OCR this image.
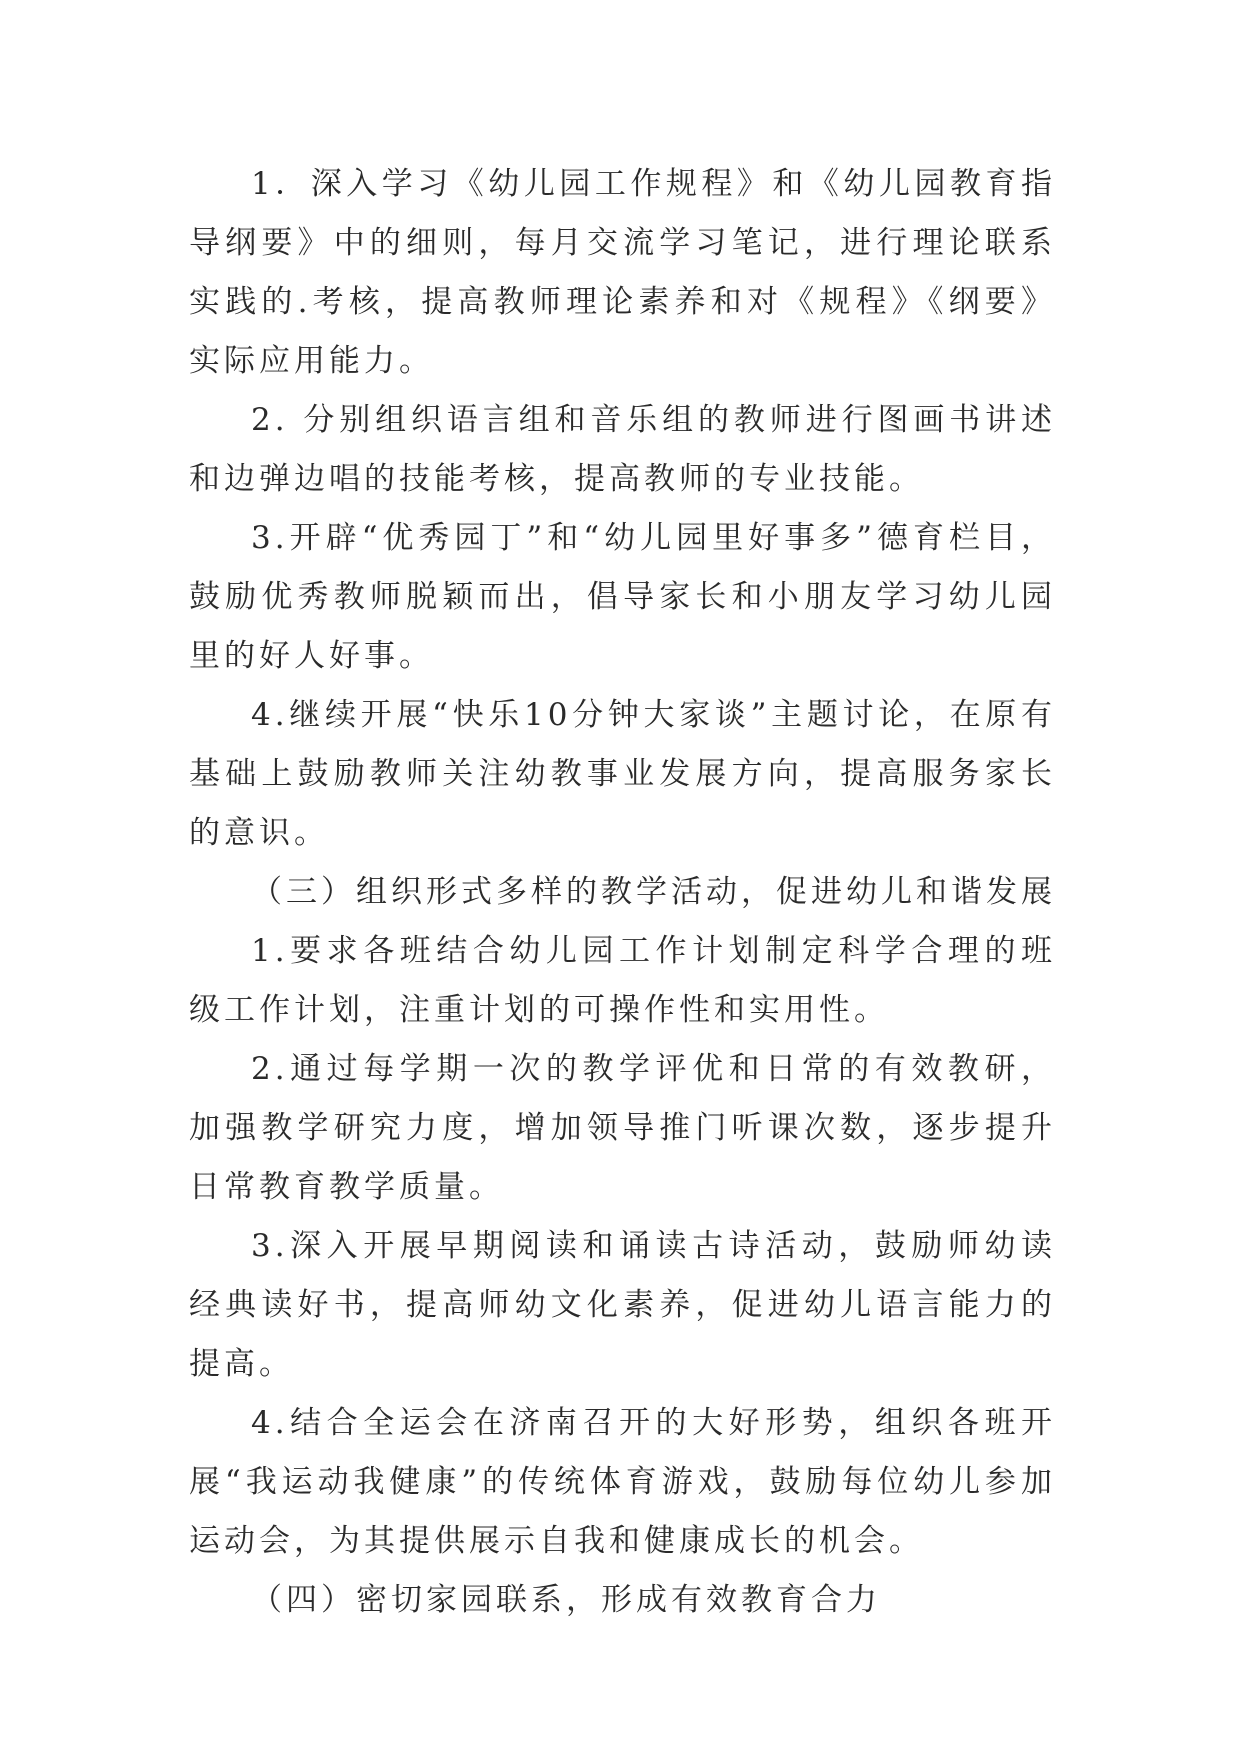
1．深入学习《幼儿园工作规程》和《幼儿园教育指导纲要》中的细则，每月交流学习笔记，进行理论联系实践的.考核，提高教师理论素养和对《规程》《纲要》实际应用能力。

2. 分别组织语言组和音乐组的教师进行图画书讲述和边弹边唱的技能考核，提高教师的专业技能。

3.开辟“优秀园丁”和“幼儿园里好事多”德育栏目，鼓励优秀教师脱颖而出，倡导家长和小朋友学习幼儿园里的好人好事。

4.继续开展“快乐10分钟大家谈”主题讨论，在原有基础上鼓励教师关注幼教事业发展方向，提高服务家长的意识。

（三）组织形式多样的教学活动，促进幼儿和谐发展

1.要求各班结合幼儿园工作计划制定科学合理的班级工作计划，注重计划的可操作性和实用性。

2.通过每学期一次的教学评优和日常的有效教研，加强教学研究力度，增加领导推门听课次数，逐步提升日常教育教学质量。

3.深入开展早期阅读和诵读古诗活动，鼓励师幼读经典读好书，提高师幼文化素养，促进幼儿语言能力的提高。

4.结合全运会在济南召开的大好形势，组织各班开展“我运动我健康”的传统体育游戏，鼓励每位幼儿参加运动会，为其提供展示自我和健康成长的机会。

（四）密切家园联系，形成有效教育合力
